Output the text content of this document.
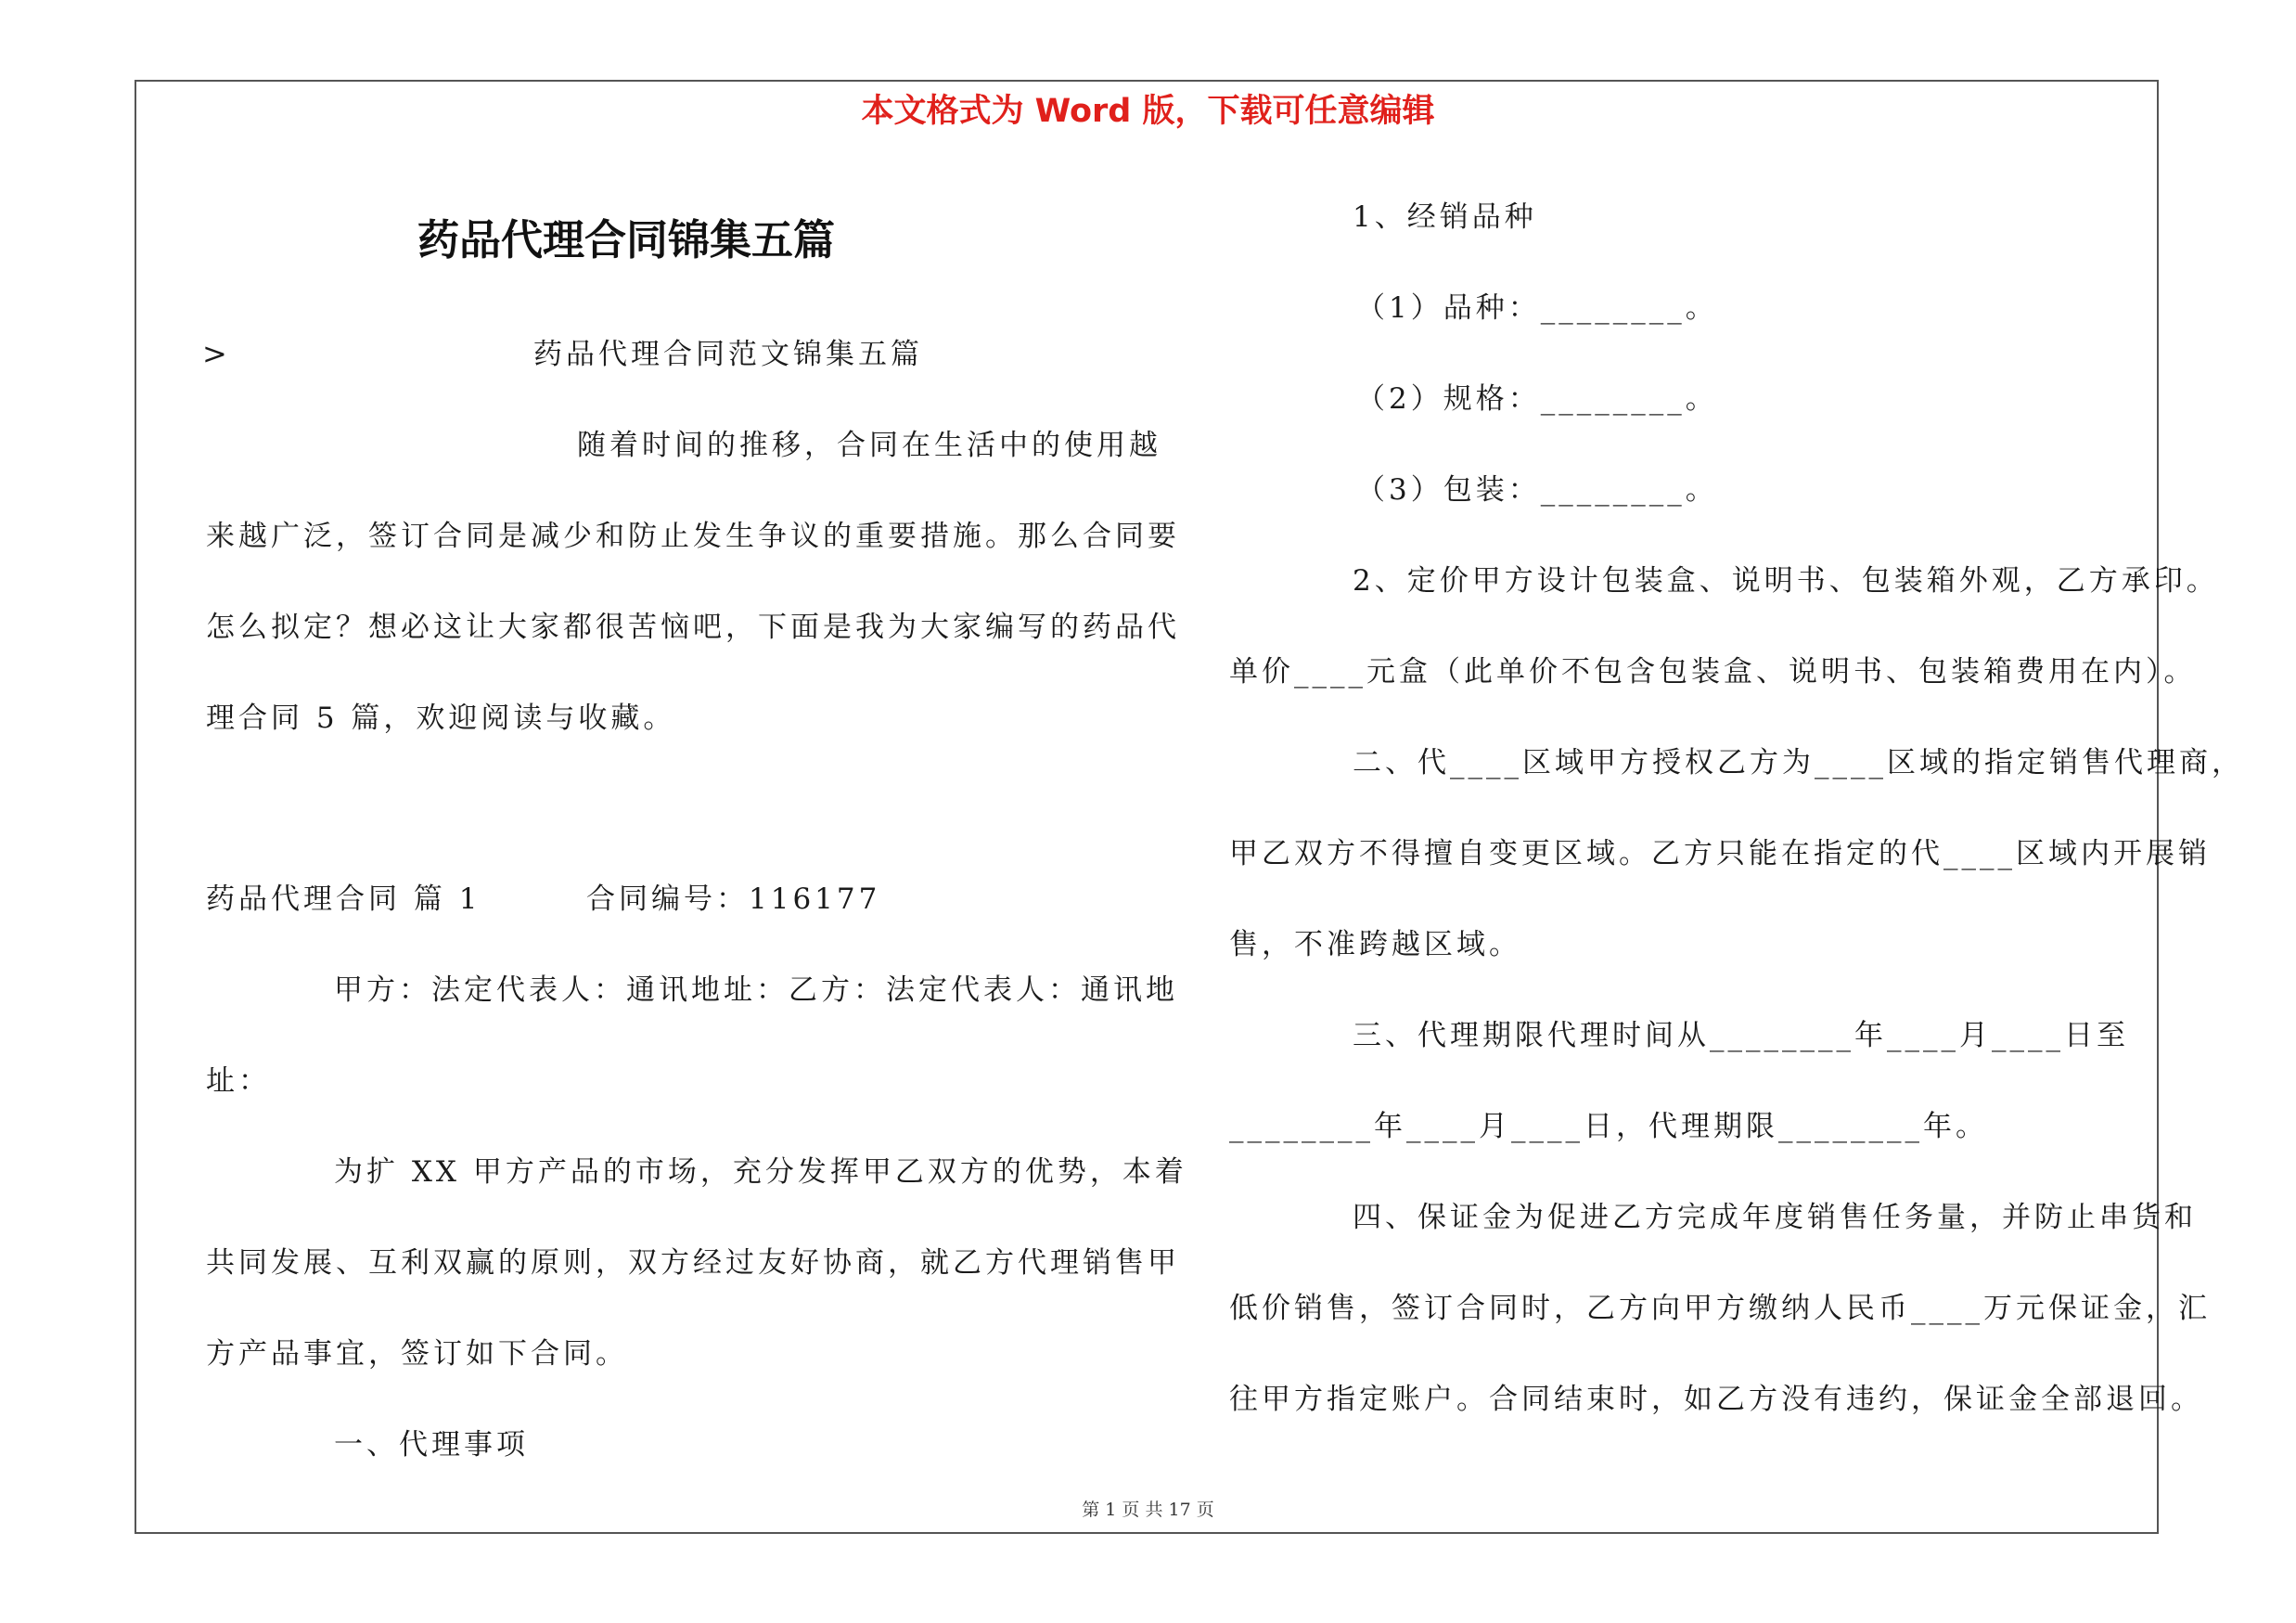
本文格式为 Word 版，下载可任意编辑
药品代理合同锦集五篇
>	药品代理合同范文锦集五篇
随着时间的推移，合同在生活中的使用越
来越广泛，签订合同是减少和防止发生争议的重要措施。那么合同要
怎么拟定？想必这让大家都很苦恼吧，下面是我为大家编写的药品代
理合同 5 篇，欢迎阅读与收藏。
药品代理合同 篇 1	合同编号：116177
甲方：法定代表人：通讯地址：乙方：法定代表人：通讯地
址：
为扩 XX 甲方产品的市场，充分发挥甲乙双方的优势，本着
共同发展、互利双赢的原则，双方经过友好协商，就乙方代理销售甲
方产品事宜，签订如下合同。
一、代理事项
1、经销品种
（1）品种：________。
（2）规格：________。
（3）包装：________。
2、定价甲方设计包装盒、说明书、包装箱外观，乙方承印。
单价____元盒（此单价不包含包装盒、说明书、包装箱费用在内）。
二、代____区域甲方授权乙方为____区域的指定销售代理商，
甲乙双方不得擅自变更区域。乙方只能在指定的代____区域内开展销
售，不准跨越区域。
三、代理期限代理时间从________年____月____日至
________年____月____日，代理期限________年。
四、保证金为促进乙方完成年度销售任务量，并防止串货和
低价销售，签订合同时，乙方向甲方缴纳人民币____万元保证金，汇
往甲方指定账户。合同结束时，如乙方没有违约，保证金全部退回。
第 1 页 共 17 页
